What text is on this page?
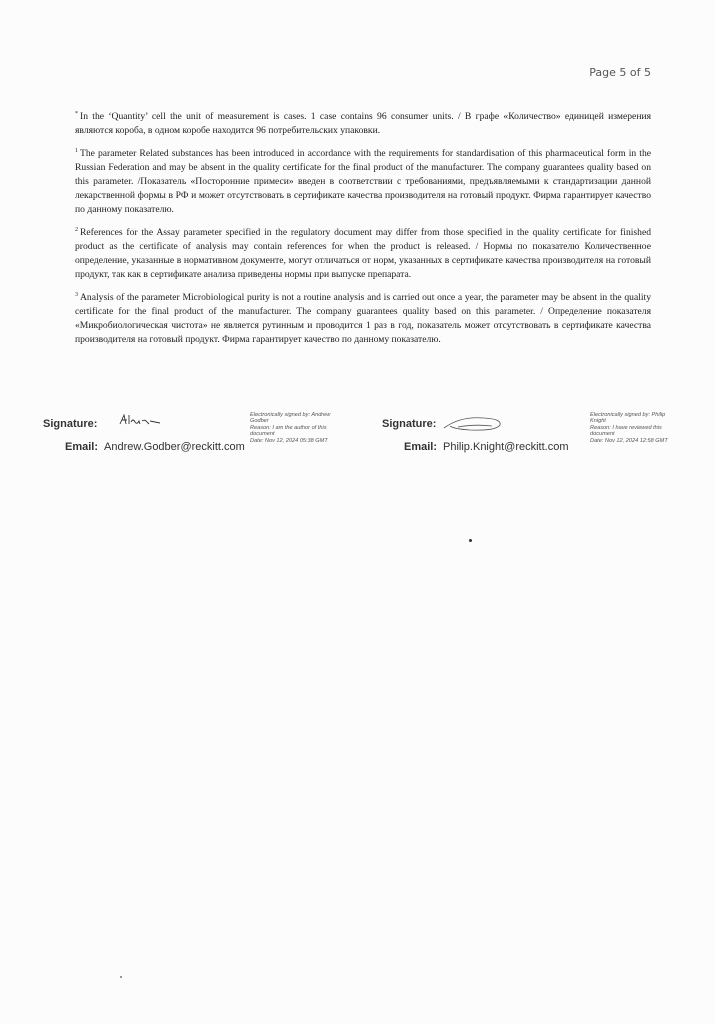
Page 5 of 5

* In the ‘Quantity’ cell the unit of measurement is cases. 1 case contains 96 consumer units. / В графе «Количество» единицей измерения являются короба, в одном коробе находится 96 потребительских упаковки.

$^1$ The parameter Related substances has been introduced in accordance with the requirements for standardisation of this pharmaceutical form in the Russian Federation and may be absent in the quality certificate for the final product of the manufacturer. The company guarantees quality based on this parameter. /Показатель «Посторонние примеси» введен в соответствии с требованиями, предъявляемыми к стандартизации данной лекарственной формы в РФ и может отсутствовать в сертификате качества производителя на готовый продукт. Фирма гарантирует качество по данному показателю.

$^2$ References for the Assay parameter specified in the regulatory document may differ from those specified in the quality certificate for finished product as the certificate of analysis may contain references for when the product is released. / Нормы по показателю Количественное определение, указанные в нормативном документе, могут отличаться от норм, указанных в сертификате качества производителя на готовый продукт, так как в сертификате анализа приведены нормы при выпуске препарата.

$^3$ Analysis of the parameter Microbiological purity is not a routine analysis and is carried out once a year, the parameter may be absent in the quality certificate for the final product of the manufacturer. The company guarantees quality based on this parameter. / Определение показателя «Микробиологическая чистота» не является рутинным и проводится 1 раз в год, показатель может отсутствовать в сертификате качества производителя на готовый продукт. Фирма гарантирует качество по данному показателю.

Signature:
Electronically signed by: Andrew Godber
Reason: I am the author of this
document
Date: Nov 12, 2024 05:38 GMT
Email: Andrew.Godber@reckitt.com
Signature:
Electronically signed by: Philip Knight
Reason: I have reviewed this
document
Date: Nov 12, 2024 12:58 GMT
Email: Philip.Knight@reckitt.com
